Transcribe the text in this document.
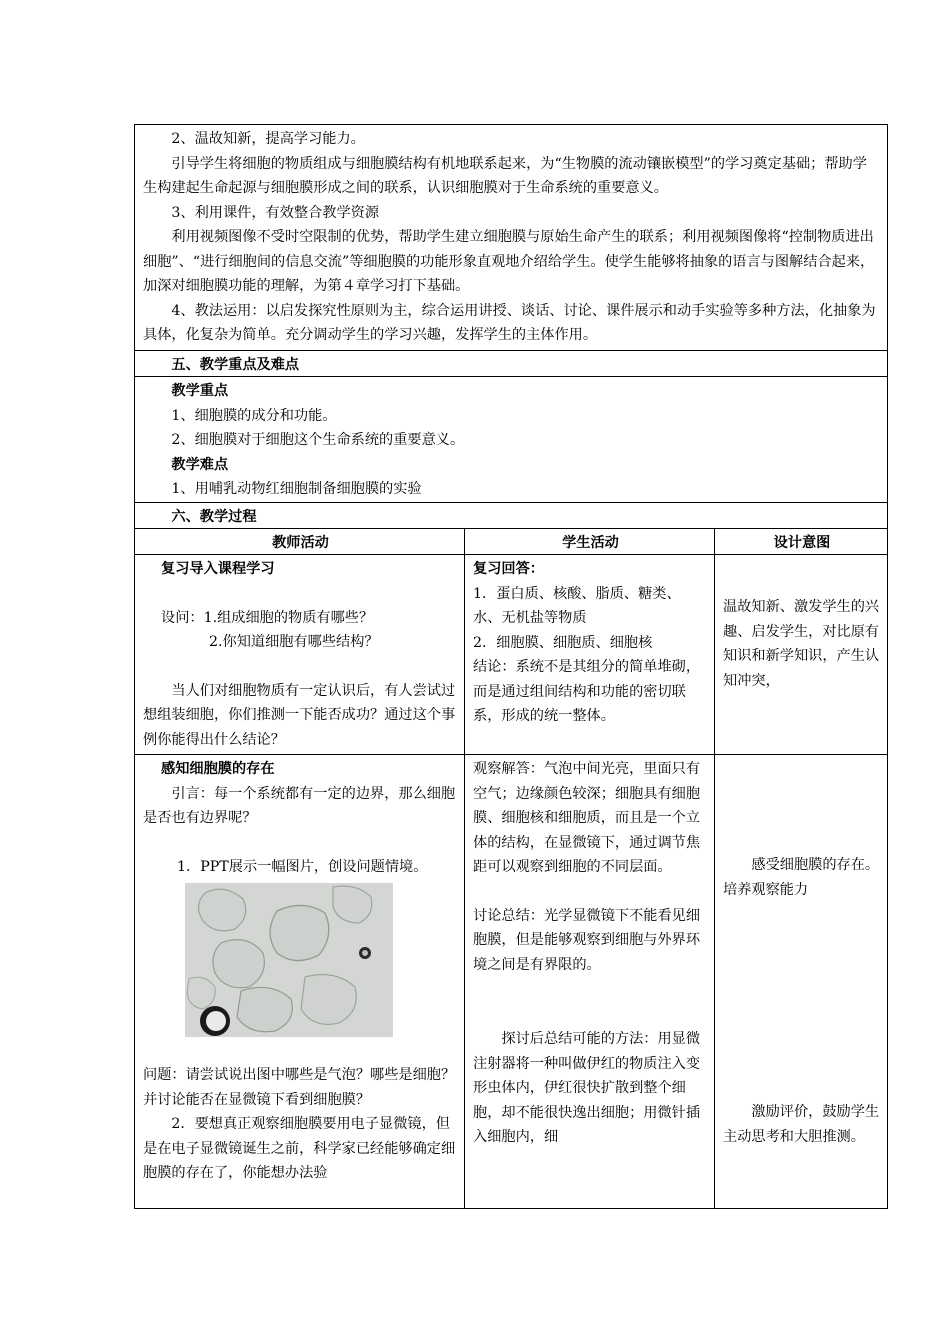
2、温故知新，提高学习能力。

引导学生将细胞的物质组成与细胞膜结构有机地联系起来，为“生物膜的流动镶嵌模型”的学习奠定基础；帮助学生构建起生命起源与细胞膜形成之间的联系，认识细胞膜对于生命系统的重要意义。

3、利用课件，有效整合教学资源

利用视频图像不受时空限制的优势，帮助学生建立细胞膜与原始生命产生的联系；利用视频图像将“控制物质进出细胞”、“进行细胞间的信息交流”等细胞膜的功能形象直观地介绍给学生。使学生能够将抽象的语言与图解结合起来，加深对细胞膜功能的理解，为第４章学习打下基础。

4、教法运用：以启发探究性原则为主，综合运用讲授、谈话、讨论、课件展示和动手实验等多种方法，化抽象为具体，化复杂为简单。充分调动学生的学习兴趣，发挥学生的主体作用。

五、教学重点及难点

教学重点

1、细胞膜的成分和功能。

2、细胞膜对于细胞这个生命系统的重要意义。

教学难点

1、用哺乳动物红细胞制备细胞膜的实验

六、教学过程

教师活动	学生活动	设计意图

复习导入课程学习

设问：1.组成细胞的物质有哪些？

2.你知道细胞有哪些结构？

当人们对细胞物质有一定认识后，有人尝试过想组装细胞，你们推测一下能否成功？通过这个事例你能得出什么结论？

复习回答：

1．蛋白质、核酸、脂质、糖类、水、无机盐等物质

2．细胞膜、细胞质、细胞核

结论：系统不是其组分的简单堆砌，而是通过组间结构和功能的密切联系，形成的统一整体。

温故知新、激发学生的兴趣、启发学生，对比原有知识和新学知识，产生认知冲突，

感知细胞膜的存在

引言：每一个系统都有一定的边界，那么细胞是否也有边界呢？

1．PPT展示一幅图片，创设问题情境。

问题：请尝试说出图中哪些是气泡？哪些是细胞？并讨论能否在显微镜下看到细胞膜？

2．要想真正观察细胞膜要用电子显微镜，但是在电子显微镜诞生之前，科学家已经能够确定细胞膜的存在了，你能想办法验

观察解答：气泡中间光亮，里面只有空气；边缘颜色较深；细胞具有细胞膜、细胞核和细胞质，而且是一个立体的结构，在显微镜下，通过调节焦距可以观察到细胞的不同层面。

讨论总结：光学显微镜下不能看见细胞膜，但是能够观察到细胞与外界环境之间是有界限的。

探讨后总结可能的方法：用显微注射器将一种叫做伊红的物质注入变形虫体内，伊红很快扩散到整个细胞，却不能很快逸出细胞；用微针插入细胞内，细

感受细胞膜的存在。培养观察能力

激励评价，鼓励学生主动思考和大胆推测。
